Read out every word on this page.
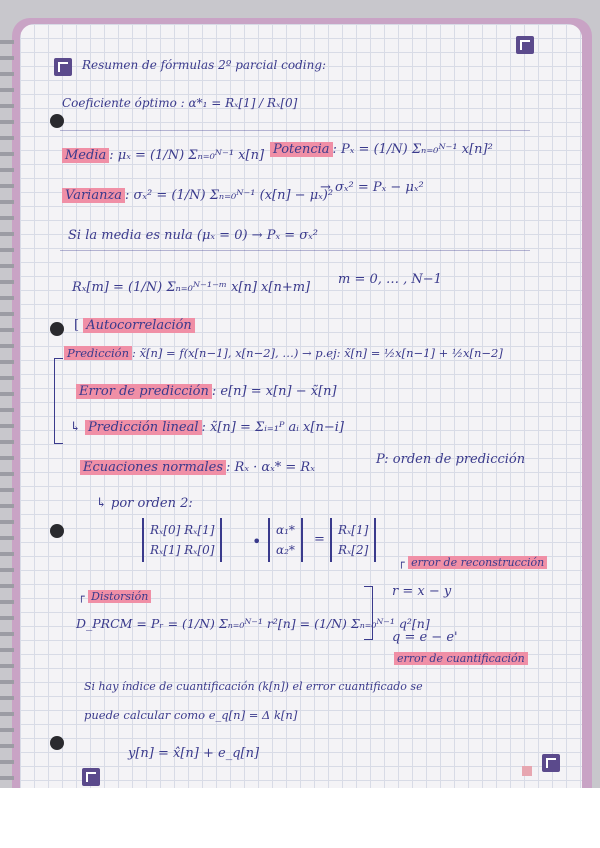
Resumen de fórmulas 2º parcial coding:
Coeficiente óptimo : α*₁ = Rₓ[1] / Rₓ[0]
Media : μₓ = (1/N) Σₙ₌₀ᴺ⁻¹ x[n] Potencia : Pₓ = (1/N) Σₙ₌₀ᴺ⁻¹ x[n]²
Varianza : σₓ² = (1/N) Σₙ₌₀ᴺ⁻¹ (x[n] − μₓ)²
→ σₓ² = Pₓ − μₓ²
Si la media es nula (μₓ = 0) → Pₓ = σₓ²
Rₓ[m] = (1/N) Σₙ₌₀ᴺ⁻¹⁻ᵐ x[n] x[n+m]
m = 0, … , N−1
[ Autocorrelación
Predicción : x̃[n] = f(x[n−1], x[n−2], …) → p.ej: x̃[n] = ½x[n−1] + ½x[n−2]
Error de predicción : e[n] = x[n] − x̃[n]
↳ Predicción lineal : x̃[n] = Σᵢ₌₁ᴾ aᵢ x[n−i]
Ecuaciones normales : Rₓ · αₓ* = Rₓ
P: orden de predicción
↳ por orden 2:
Rₓ[0] Rₓ[1]
Rₓ[1] Rₓ[0] •
α₁*
α₂*
=
Rₓ[1]
Rₓ[2]
┌ error de reconstrucción
┌ Distorsión
D_PRCM = Pᵣ = (1/N) Σₙ₌₀ᴺ⁻¹ r²[n] = (1/N) Σₙ₌₀ᴺ⁻¹ q²[n]
r = x − y
q = e − e'
error de cuantificación
Si hay índice de cuantificación (k[n]) el error cuantificado se
puede calcular como e_q[n] = Δ k[n]
y[n] = x̂[n] + e_q[n]
